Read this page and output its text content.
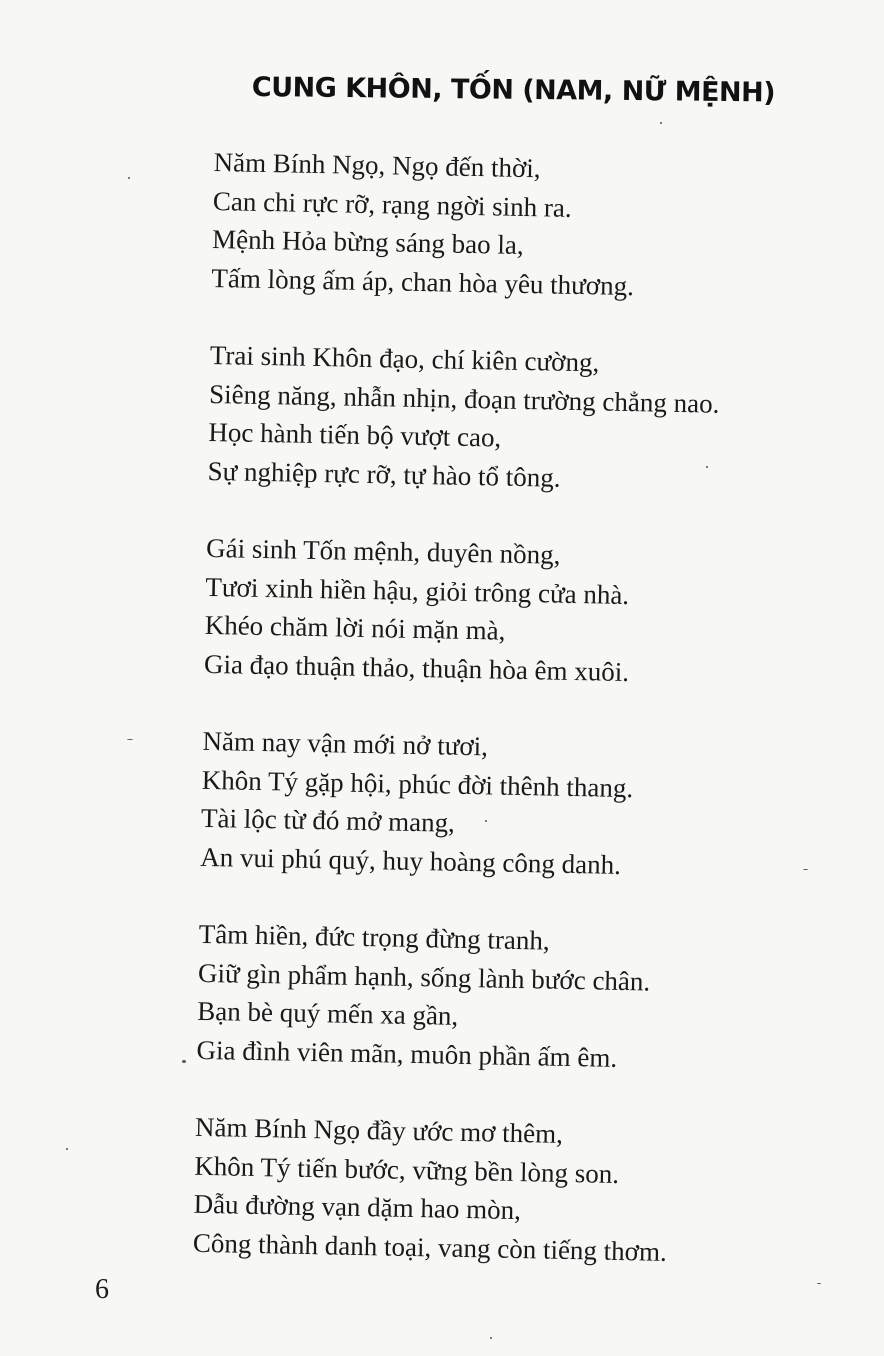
CUNG KHÔN, TỐN (NAM, NỮ MỆNH)
Năm Bính Ngọ, Ngọ đến thời,
Can chi rực rỡ, rạng ngời sinh ra.
Mệnh Hỏa bừng sáng bao la,
Tấm lòng ấm áp, chan hòa yêu thương.
Trai sinh Khôn đạo, chí kiên cường,
Siêng năng, nhẫn nhịn, đoạn trường chẳng nao.
Học hành tiến bộ vượt cao,
Sự nghiệp rực rỡ, tự hào tổ tông.
Gái sinh Tốn mệnh, duyên nồng,
Tươi xinh hiền hậu, giỏi trông cửa nhà.
Khéo chăm lời nói mặn mà,
Gia đạo thuận thảo, thuận hòa êm xuôi.
Năm nay vận mới nở tươi,
Khôn Tý gặp hội, phúc đời thênh thang.
Tài lộc từ đó mở mang,
An vui phú quý, huy hoàng công danh.
Tâm hiền, đức trọng đừng tranh,
Giữ gìn phẩm hạnh, sống lành bước chân.
Bạn bè quý mến xa gần,
Gia đình viên mãn, muôn phần ấm êm.
Năm Bính Ngọ đầy ước mơ thêm,
Khôn Tý tiến bước, vững bền lòng son.
Dẫu đường vạn dặm hao mòn,
Công thành danh toại, vang còn tiếng thơm.
6
